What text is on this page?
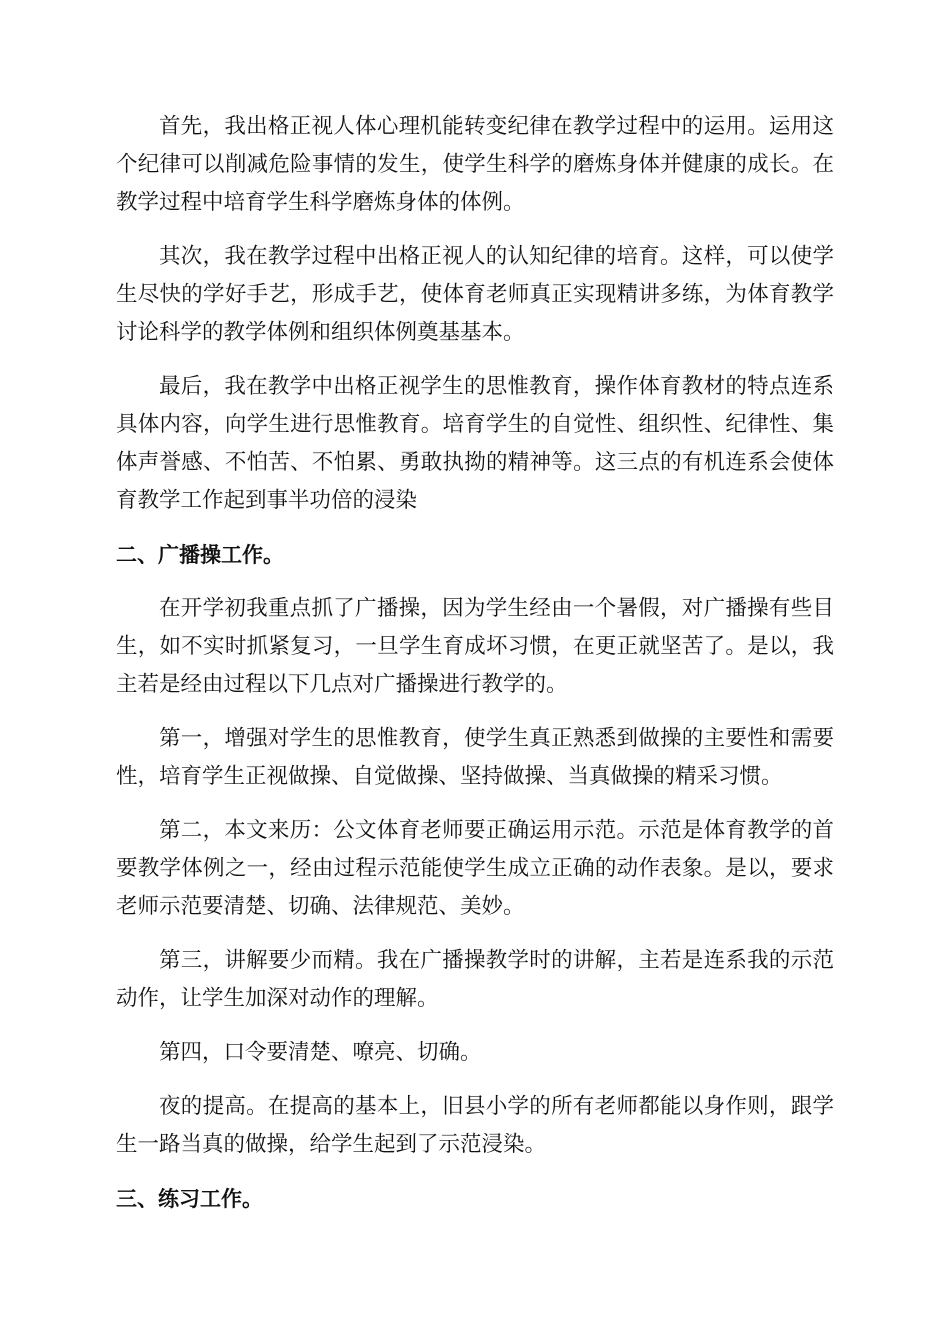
首先，我出格正视人体心理机能转变纪律在教学过程中的运用。运用这个纪律可以削减危险事情的发生，使学生科学的磨炼身体并健康的成长。在教学过程中培育学生科学磨炼身体的体例。

其次，我在教学过程中出格正视人的认知纪律的培育。这样，可以使学生尽快的学好手艺，形成手艺，使体育老师真正实现精讲多练，为体育教学讨论科学的教学体例和组织体例奠基基本。

最后，我在教学中出格正视学生的思惟教育，操作体育教材的特点连系具体内容，向学生进行思惟教育。培育学生的自觉性、组织性、纪律性、集体声誉感、不怕苦、不怕累、勇敢执拗的精神等。这三点的有机连系会使体育教学工作起到事半功倍的浸染

二、广播操工作。

在开学初我重点抓了广播操，因为学生经由一个暑假，对广播操有些目生，如不实时抓紧复习，一旦学生育成坏习惯，在更正就坚苦了。是以，我主若是经由过程以下几点对广播操进行教学的。

第一，增强对学生的思惟教育，使学生真正熟悉到做操的主要性和需要性，培育学生正视做操、自觉做操、坚持做操、当真做操的精采习惯。

第二，本文来历：公文体育老师要正确运用示范。示范是体育教学的首要教学体例之一，经由过程示范能使学生成立正确的动作表象。是以，要求老师示范要清楚、切确、法律规范、美妙。

第三，讲解要少而精。我在广播操教学时的讲解，主若是连系我的示范动作，让学生加深对动作的理解。

第四，口令要清楚、嘹亮、切确。

夜的提高。在提高的基本上，旧县小学的所有老师都能以身作则，跟学生一路当真的做操，给学生起到了示范浸染。

三、练习工作。
